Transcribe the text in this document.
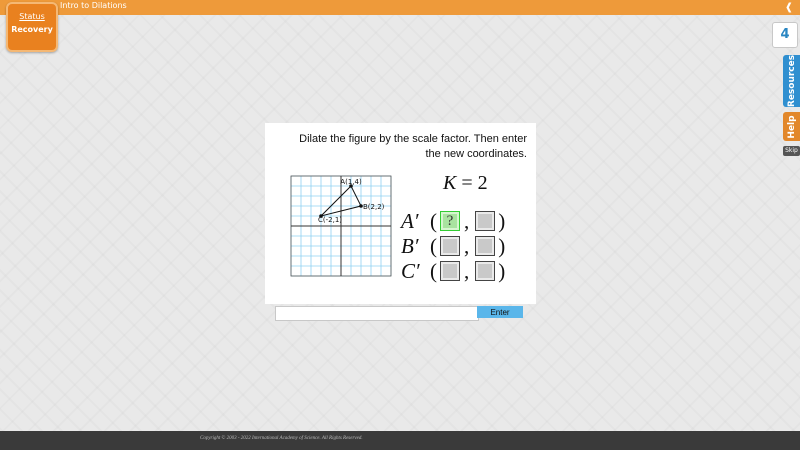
Intro to Dilations	❰
Status
Recovery	4
Resources
Help
Skip
Dilate the figure by the scale factor. Then enter
the new coordinates.
A(1,4)
B(2,2)
C(-2,1)
K = 2
A′ ( ? , )
B′ ( , )
C′ ( , )
Enter
Copyright © 2003 - 2022 International Academy of Science. All Rights Reserved.
